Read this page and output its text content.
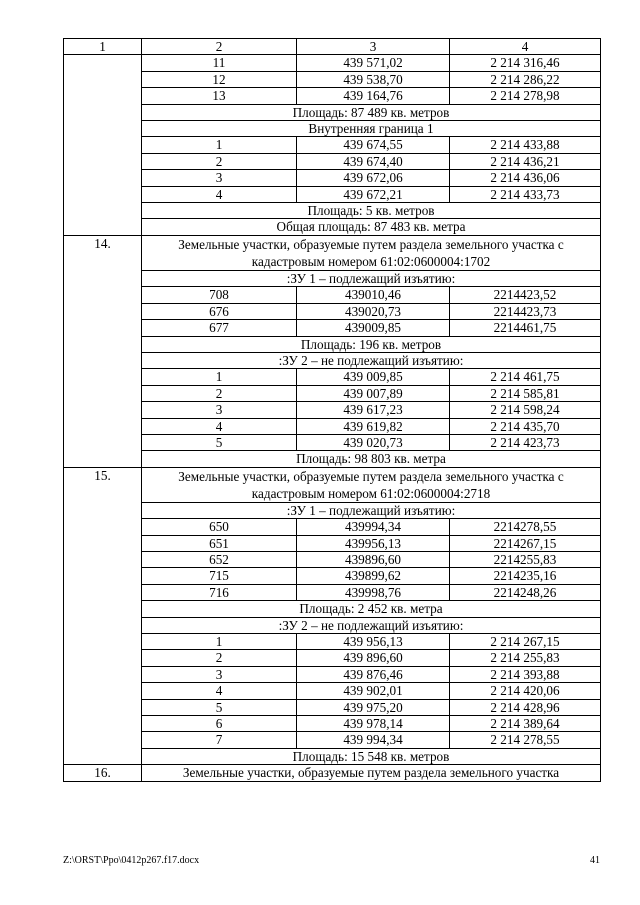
1	2	3	4
	11	439 571,02	2 214 316,46
	12	439 538,70	2 214 286,22
	13	439 164,76	2 214 278,98
	Площадь: 87 489 кв. метров		
	Внутренняя граница 1		
	1	439 674,55	2 214 433,88
	2	439 674,40	2 214 436,21
	3	439 672,06	2 214 436,06
	4	439 672,21	2 214 433,73
	Площадь: 5 кв. метров		
	Общая площадь: 87 483 кв. метра		
14.	Земельные участки, образуемые путем раздела земельного участка с кадастровым номером 61:02:0600004:1702		
	:ЗУ 1 – подлежащий изъятию:		
	708	439010,46	2214423,52
	676	439020,73	2214423,73
	677	439009,85	2214461,75
	Площадь: 196 кв. метров		
	:ЗУ 2 – не подлежащий изъятию:		
	1	439 009,85	2 214 461,75
	2	439 007,89	2 214 585,81
	3	439 617,23	2 214 598,24
	4	439 619,82	2 214 435,70
	5	439 020,73	2 214 423,73
	Площадь: 98 803 кв. метра		
15.	Земельные участки, образуемые путем раздела земельного участка с кадастровым номером 61:02:0600004:2718		
	:ЗУ 1 – подлежащий изъятию:		
	650	439994,34	2214278,55
	651	439956,13	2214267,15
	652	439896,60	2214255,83
	715	439899,62	2214235,16
	716	439998,76	2214248,26
	Площадь: 2 452 кв. метра		
	:ЗУ 2 – не подлежащий изъятию:		
	1	439 956,13	2 214 267,15
	2	439 896,60	2 214 255,83
	3	439 876,46	2 214 393,88
	4	439 902,01	2 214 420,06
	5	439 975,20	2 214 428,96
	6	439 978,14	2 214 389,64
	7	439 994,34	2 214 278,55
	Площадь: 15 548 кв. метров		
16.	Земельные участки, образуемые путем раздела земельного участка		
Z:\ORST\Ppo\0412p267.f17.docx	41
